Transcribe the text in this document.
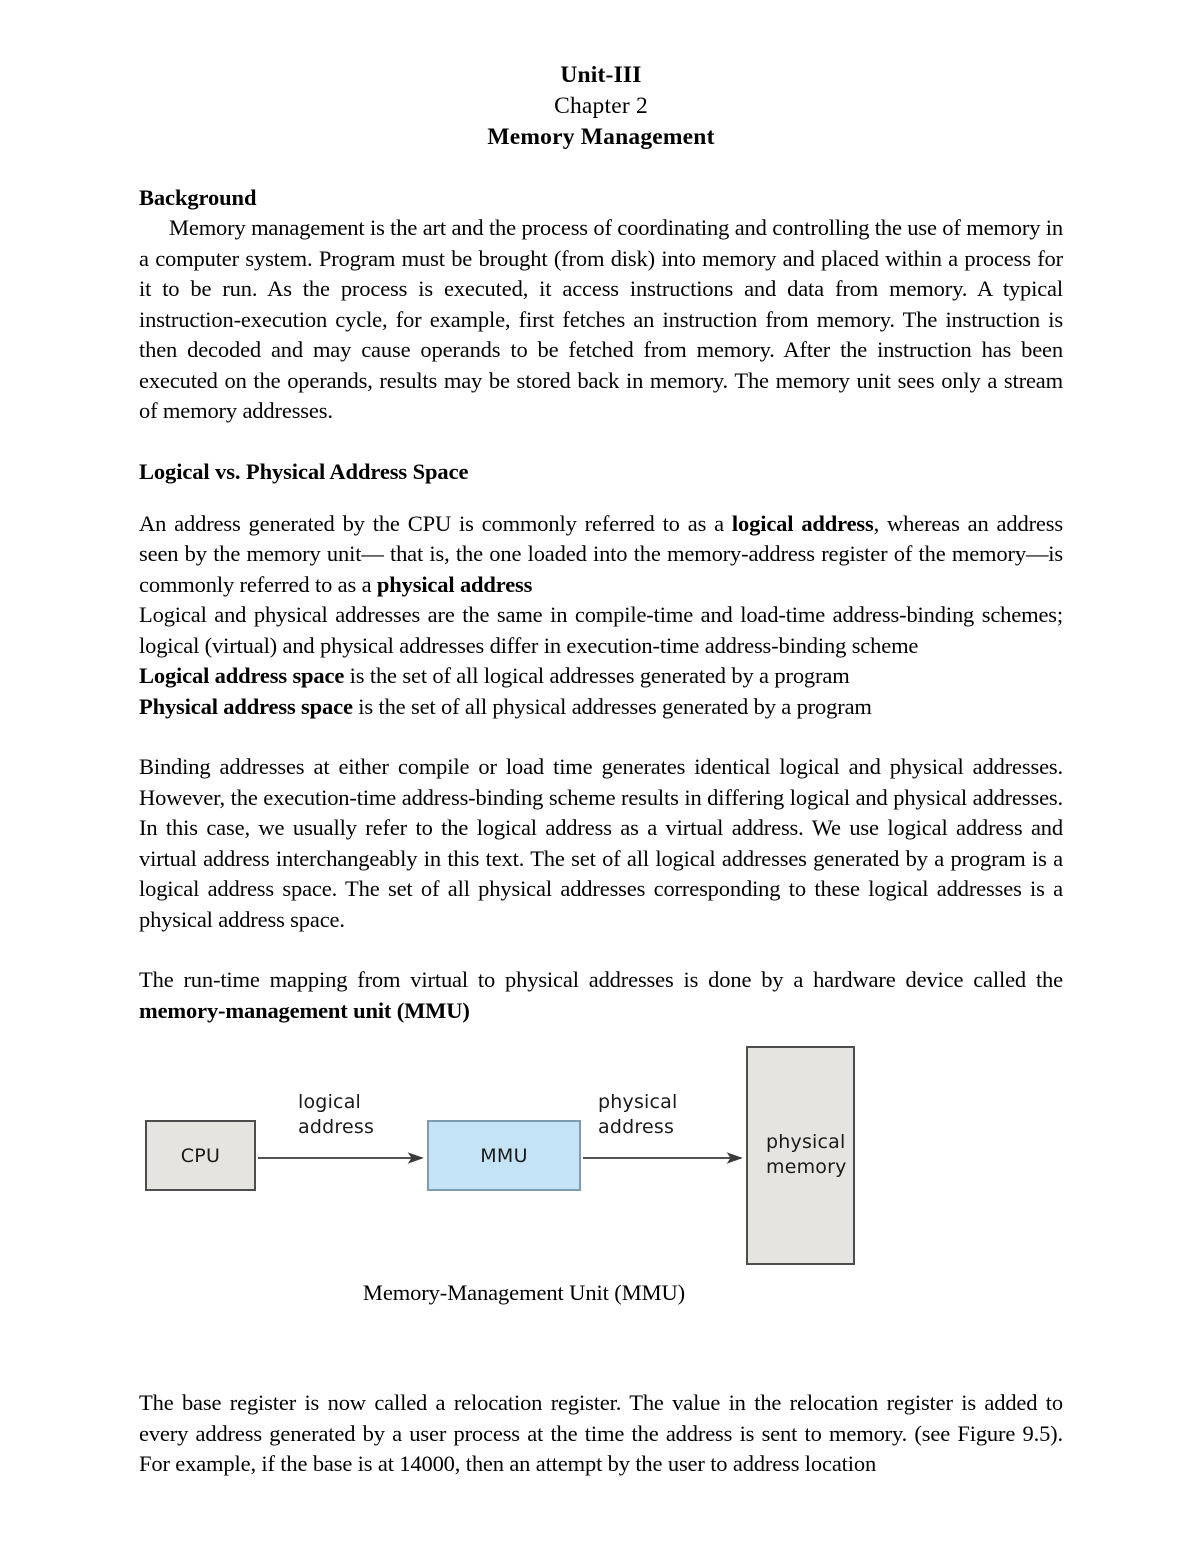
Unit-III
Chapter 2
Memory Management
Background

Memory management is the art and the process of coordinating and controlling the use of memory in a computer system. Program must be brought (from disk) into memory and placed within a process for it to be run. As the process is executed, it access instructions and data from memory. A typical instruction-execution cycle, for example, first fetches an instruction from memory. The instruction is then decoded and may cause operands to be fetched from memory. After the instruction has been executed on the operands, results may be stored back in memory. The memory unit sees only a stream of memory addresses.

Logical vs. Physical Address Space

An address generated by the CPU is commonly referred to as a logical address, whereas an address seen by the memory unit— that is, the one loaded into the memory-address register of the memory—is commonly referred to as a physical address

Logical and physical addresses are the same in compile-time and load-time address-binding schemes; logical (virtual) and physical addresses differ in execution-time address-binding scheme

Logical address space is the set of all logical addresses generated by a program

Physical address space is the set of all physical addresses generated by a program

Binding addresses at either compile or load time generates identical logical and physical addresses. However, the execution-time address-binding scheme results in differing logical and physical addresses. In this case, we usually refer to the logical address as a virtual address. We use logical address and virtual address interchangeably in this text. The set of all logical addresses generated by a program is a logical address space. The set of all physical addresses corresponding to these logical addresses is a physical address space.

The run-time mapping from virtual to physical addresses is done by a hardware device called the memory-management unit (MMU)

CPU	MMU
physical
memory
logical
address
physical
address
Memory-Management Unit (MMU)

The base register is now called a relocation register. The value in the relocation register is added to every address generated by a user process at the time the address is sent to memory. (see Figure 9.5). For example, if the base is at 14000, then an attempt by the user to address location
